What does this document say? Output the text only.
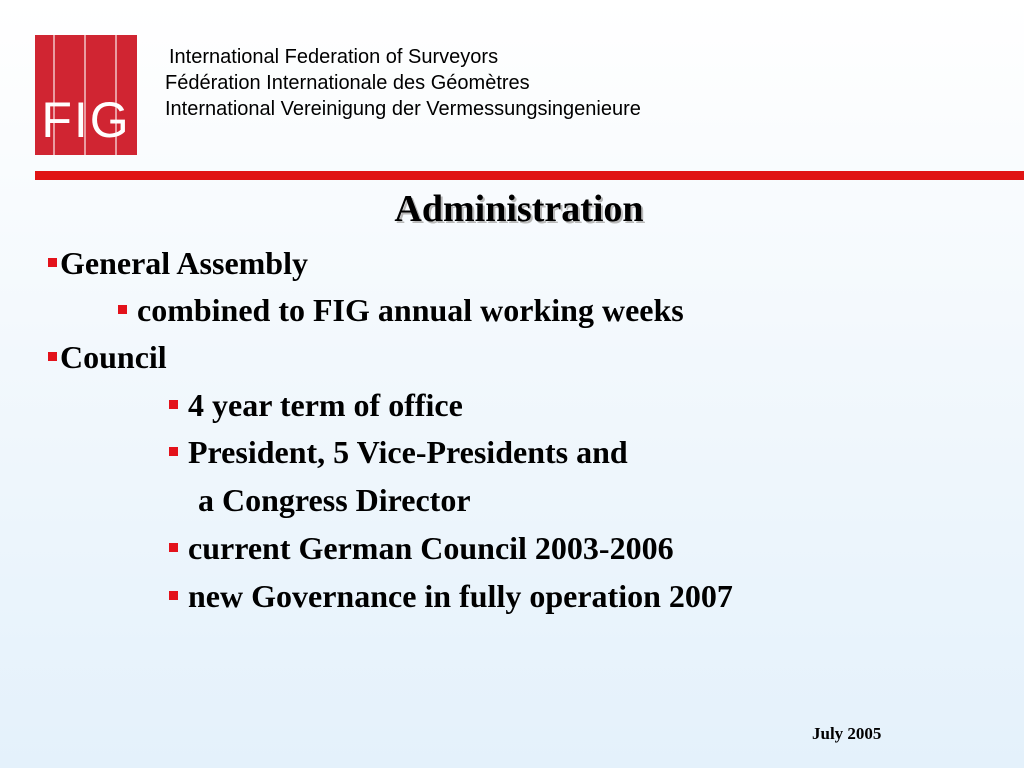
FIG
International Federation of Surveyors
Fédération Internationale des Géomètres
International Vereinigung der Vermessungsingenieure
Administration
General Assembly
combined to FIG annual working weeks
Council
4 year term of office
President, 5 Vice-Presidents and
a Congress Director
current German Council 2003-2006
new Governance in fully operation 2007
July 2005
